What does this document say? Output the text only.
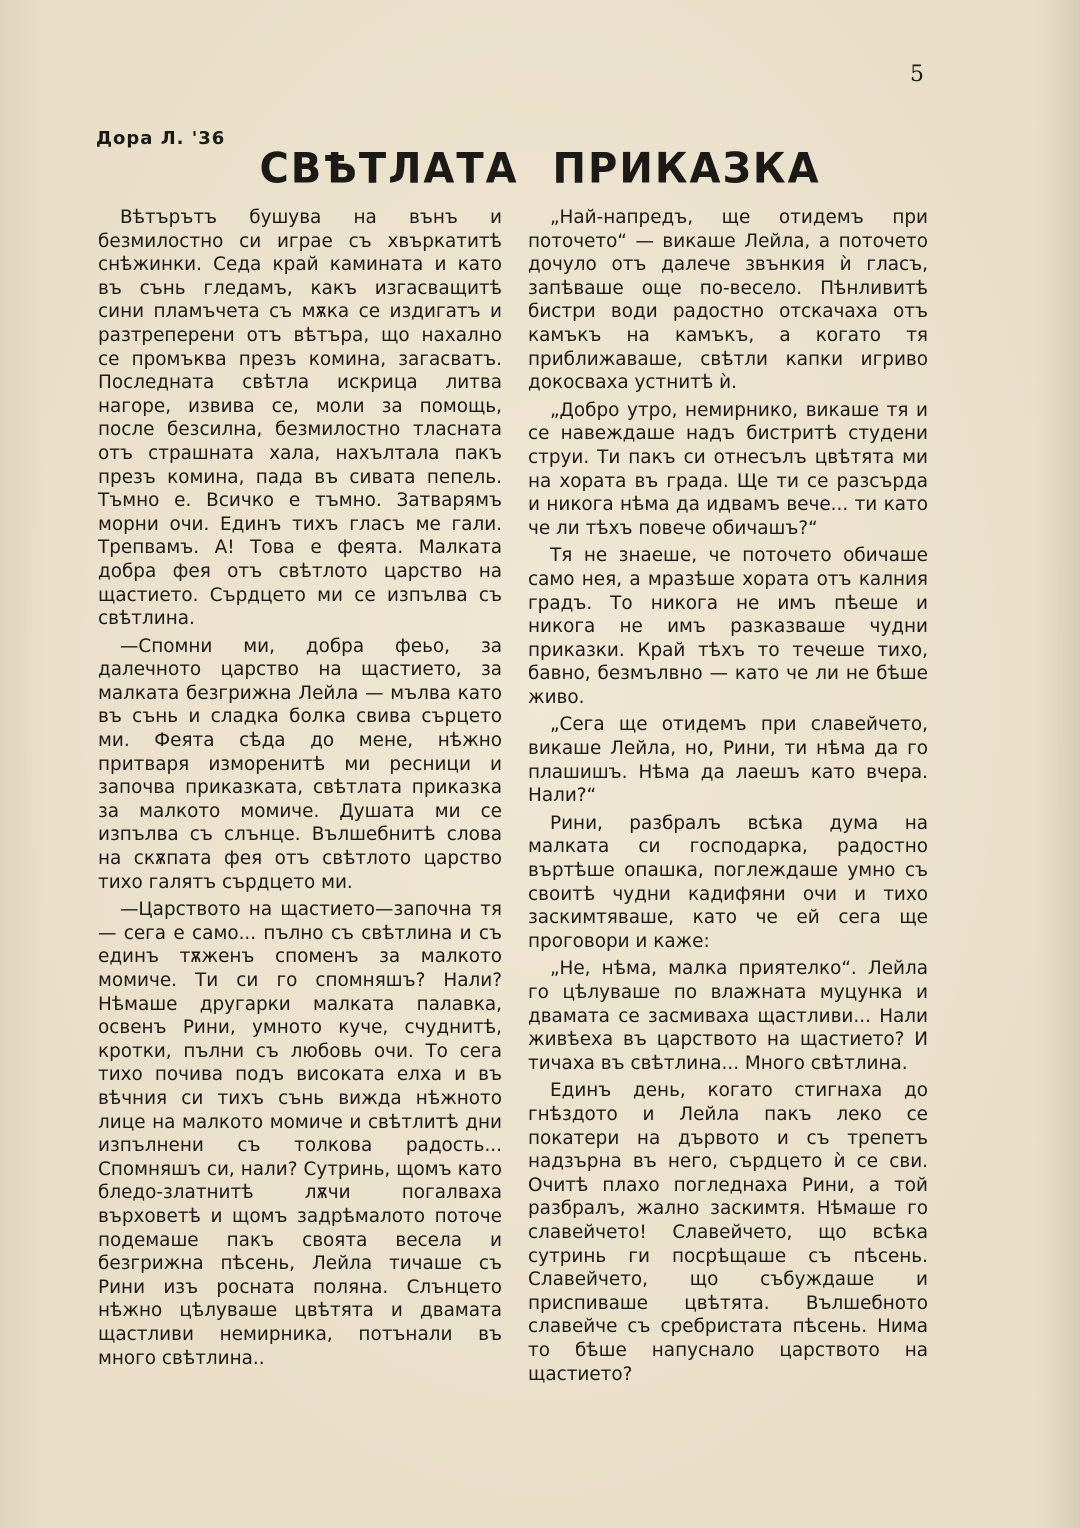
5
Дора Л. '36
СВѢТЛАТА ПРИКАЗКА

Вѣтърътъ бушува на вънъ и безмилостно си играе съ хвъркатитѣ снѣжинки. Седа край камината и като въ сънь гледамъ, какъ изгасващитѣ сини пламъчета съ мѫка се издигатъ и разтреперени отъ вѣтъра, що нахално се промъква презъ комина, загасватъ. Последната свѣтла искрица литва нагоре, извива се, моли за помощь, после безсилна, безмилостно тласната отъ страшната хала, нахълтала пакъ презъ комина, пада въ сивата пепель. Тъмно е. Всичко е тъмно. Затварямъ морни очи. Единъ тихъ гласъ ме гали. Трепвамъ. А! Това е феята. Малката добра фея отъ свѣтлото царство на щастието. Сърдцето ми се изпълва съ свѣтлина.

—Спомни ми, добра феьо, за далечното царство на щастието, за малката безгрижна Лейла — мълва като въ сънь и сладка болка свива сърцето ми. Феята сѣда до мене, нѣжно притваря изморенитѣ ми ресници и започва приказката, свѣтлата приказка за малкото момиче. Душата ми се изпълва съ слънце. Вълшебнитѣ слова на скѫпата фея отъ свѣтлото царство тихо галятъ сърдцето ми.

—Царството на щастието—започна тя — сега е само... пълно съ свѣтлина и съ единъ тѫженъ споменъ за малкото момиче. Ти си го спомняшъ? Нали? Нѣмаше другарки малката палавка, освенъ Рини, умното куче, счуднитѣ, кротки, пълни съ любовь очи. То сега тихо почива подъ високата елха и въ вѣчния си тихъ сънь вижда нѣжното лице на малкото момиче и свѣтлитѣ дни изпълнени съ толкова радость... Спомняшъ си, нали? Сутринь, щомъ като бледо-златнитѣ лѫчи погалваха върховетѣ и щомъ задрѣмалото поточе подемаше пакъ своята весела и безгрижна пѣсень, Лейла тичаше съ Рини изъ росната поляна. Слънцето нѣжно цѣлуваше цвѣтята и двамата щастливи немирника, потънали въ много свѣтлина..

„Най-напредъ, ще отидемъ при поточето“ — викаше Лейла, а поточето дочуло отъ далече звънкия ѝ гласъ, запѣваше още по-весело. Пѣнливитѣ бистри води радостно отскачаха отъ камъкъ на камъкъ, а когато тя приближаваше, свѣтли капки игриво докосваха устнитѣ ѝ.

„Добро утро, немирнико, викаше тя и се навеждаше надъ бистритѣ студени струи. Ти пакъ си отнесълъ цвѣтята ми на хората въ града. Ще ти се разсърда и никога нѣма да идвамъ вече... ти като че ли тѣхъ повече обичашъ?“

Тя не знаеше, че поточето обичаше само нея, а мразѣше хората отъ калния градъ. То никога не имъ пѣеше и никога не имъ разказваше чудни приказки. Край тѣхъ то течеше тихо, бавно, безмълвно — като че ли не бѣше живо.

„Сега ще отидемъ при славейчето, викаше Лейла, но, Рини, ти нѣма да го плашишъ. Нѣма да лаешъ като вчера. Нали?“

Рини, разбралъ всѣка дума на малката си господарка, радостно въртѣше опашка, поглеждаше умно съ своитѣ чудни кадифяни очи и тихо заскимтяваше, като че ей сега ще проговори и каже:

„Не, нѣма, малка приятелко“. Лейла го цѣлуваше по влажната муцунка и двамата се засмиваха щастливи... Нали живѣеха въ царството на щастието? И тичаха въ свѣтлина... Много свѣтлина.

Единъ день, когато стигнаха до гнѣздото и Лейла пакъ леко се покатери на дървото и съ трепетъ надзърна въ него, сърдцето ѝ се сви. Очитѣ плахо погледнаха Рини, а той разбралъ, жално заскимтя. Нѣмаше го славейчето! Славейчето, що всѣка сутринь ги посрѣщаше съ пѣсень. Славейчето, що събуждаше и приспиваше цвѣтята. Вълшебното славейче съ сребристата пѣсень. Нима то бѣше напуснало царството на щастието?
